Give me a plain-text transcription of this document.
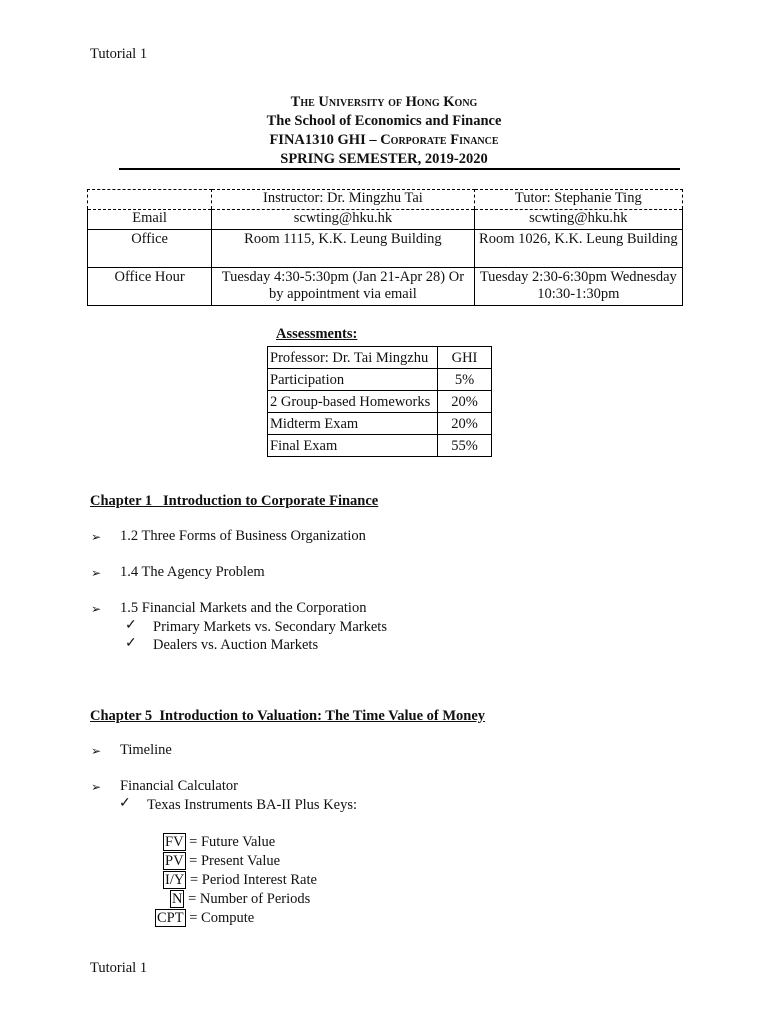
Tutorial 1
The University of Hong Kong
The School of Economics and Finance
FINA1310 GHI – Corporate Finance
SPRING SEMESTER, 2019-2020
	Instructor: Dr. Mingzhu Tai	Tutor: Stephanie Ting
Email	scwting@hku.hk	scwting@hku.hk
Office	Room 1115, K.K. Leung Building	Room 1026, K.K. Leung Building
Office Hour	Tuesday 4:30-5:30pm (Jan 21-Apr 28) Or by appointment via email	Tuesday 2:30-6:30pm Wednesday 10:30-1:30pm
Assessments:
Professor: Dr. Tai Mingzhu	GHI
Participation	5%
2 Group-based Homeworks	20%
Midterm Exam	20%
Final Exam	55%
Chapter 1   Introduction to Corporate Finance
➢ 1.2 Three Forms of Business Organization
➢ 1.4 The Agency Problem
➢ 1.5 Financial Markets and the Corporation
✓ Primary Markets vs. Secondary Markets
✓ Dealers vs. Auction Markets
Chapter 5  Introduction to Valuation: The Time Value of Money
➢ Timeline
➢ Financial Calculator
✓ Texas Instruments BA-II Plus Keys:
FV = Future Value
PV = Present Value
I/Y = Period Interest Rate
N = Number of Periods
CPT = Compute
Tutorial 1
